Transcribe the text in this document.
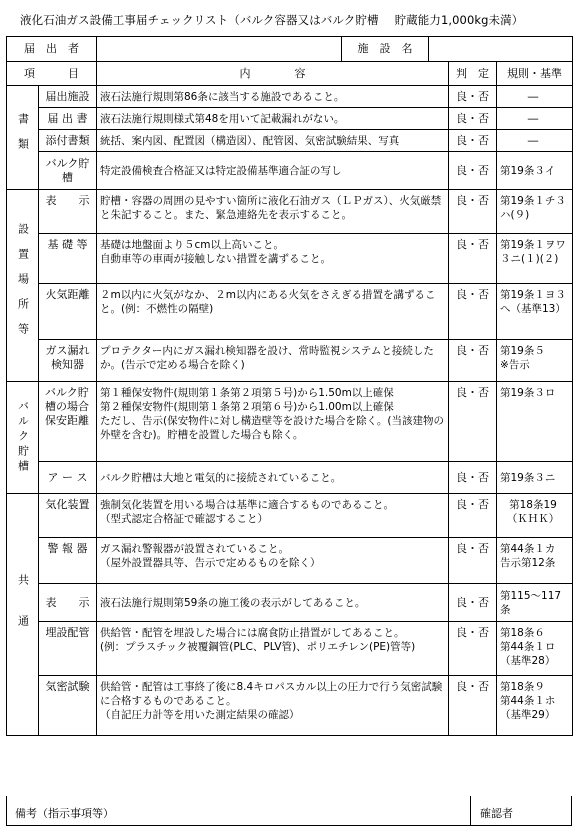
液化石油ガス設備工事届チェックリスト（バルク容器又はバルク貯槽 貯蔵能力1,000kg未満）
届　出　者		施　設　名		

項　　　目		内　　　　容	判　定	規則・基準

書類	届出施設	液石法施行規則第86条に該当する施設であること。	良・否	―
	届 出 書	液石法施行規則様式第48を用いて記載漏れがない。	良・否	―
	添付書類	統括、案内図、配置図（構造図）、配管図、気密試験結果、写真	良・否	―
	バルク貯槽	特定設備検査合格証又は特定設備基準適合証の写し	良・否	第19条３イ

設置場所等	表　　示	貯槽・容器の周囲の見やすい箇所に液化石油ガス（ＬＰガス）、火気厳禁と朱記すること。また、緊急連絡先を表示すること。	良・否	第19条１チ３ハ(９)
	基 礎 等	基礎は地盤面より５cm以上高いこと。
自動車等の車両が接触しない措置を講ずること。	良・否	第19条１ヲワ３ニ(１)(２)
	火気距離	２m以内に火気がなか、２m以内にある火気をさえぎる措置を講ずること。(例：不燃性の隔壁)	良・否	第19条１ヨ３へ（基準13）
	ガス漏れ検知器	プロテクター内にガス漏れ検知器を設け、常時監視システムと接続したか。(告示で定める場合を除く)	良・否	第19条５
※告示

バルク貯槽	バルク貯槽の場合保安距離	第１種保安物件(規則第１条第２項第５号)から1.50m以上確保
第２種保安物件(規則第１条第２項第６号)から1.00m以上確保
ただし、告示(保安物件に対し構造壁等を設けた場合を除く。(当該建物の外壁を含む)。貯槽を設置した場合も除く。	良・否	第19条３ロ
	ア ー ス	バルク貯槽は大地と電気的に接続されていること。	良・否	第19条３ニ

共通	気化装置	強制気化装置を用いる場合は基準に適合するものであること。
（型式認定合格証で確認すること）	良・否	第18条19
（ＫＨＫ）
	警 報 器	ガス漏れ警報器が設置されていること。
（屋外設置器具等、告示で定めるものを除く）	良・否	第44条１カ
告示第12条
	表　　示	液石法施行規則第59条の施工後の表示がしてあること。	良・否	第115～117条
	埋設配管	供給管・配管を埋設した場合には腐食防止措置がしてあること。
(例：プラスチック被覆鋼管(PLC、PLV管)、ポリエチレン(PE)管等)	良・否	第18条６
第44条１ロ
（基準28）
	気密試験	供給管・配管は工事終了後に8.4キロパスカル以上の圧力で行う気密試験に合格するものであること。
（自記圧力計等を用いた測定結果の確認）	良・否	第18条９
第44条１ホ
（基準29）
備考（指示事項等）	確認者
